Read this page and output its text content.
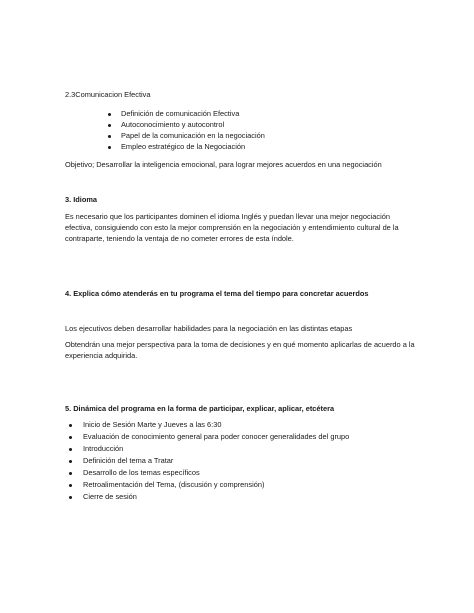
2.3Comunicacion Efectiva
Definición de comunicación Efectiva
Autoconocimiento y autocontrol
Papel de la comunicación en la negociación
Empleo estratégico de la Negociación
Objetivo; Desarrollar la inteligencia emocional, para lograr mejores acuerdos en una negociación
3. Idioma
Es necesario que los participantes dominen el idioma Inglés y puedan llevar una mejor negociación efectiva, consiguiendo con esto la mejor comprensión en la negociación y entendimiento cultural de la contraparte, teniendo la ventaja de no cometer errores de esta índole.
4. Explica cómo atenderás en tu programa el tema del tiempo para concretar acuerdos
Los ejecutivos deben desarrollar habilidades para la negociación en las distintas etapas
Obtendrán una mejor perspectiva para la toma de decisiones y en qué momento aplicarlas de acuerdo a la experiencia adquirida.
5. Dinámica del programa en la forma de participar, explicar, aplicar, etcétera
Inicio de Sesión Marte y Jueves a las 6:30
Evaluación de conocimiento general para poder conocer generalidades del grupo
Introducción
Definición del tema a Tratar
Desarrollo de los temas específicos
Retroalimentación del Tema, (discusión y comprensión)
Cierre de sesión
